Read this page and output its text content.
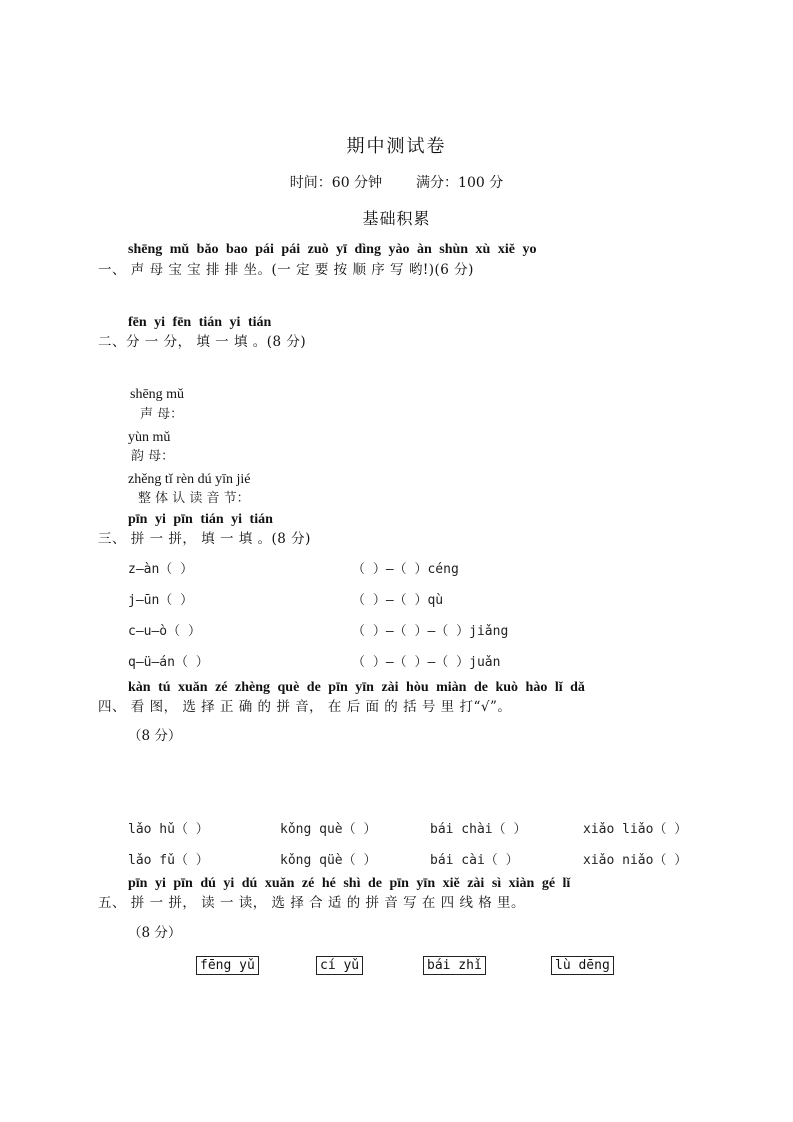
期中测试卷
时间：60 分钟 满分：100 分
基础积累
shēng mǔ bǎo bao pái pái zuò yī dìng yào àn shùn xù xiě yo
一、 声 母 宝 宝 排 排 坐。(一 定 要 按 顺 序 写 哟!)(6 分)
fēn yi fēn tián yi tián
二、分 一 分， 填 一 填 。(8 分)
shēng mǔ
声 母：
yùn mǔ
韵 母：
zhěng tǐ rèn dú yīn jié
整 体 认 读 音 节：
pīn yi pīn tián yi tián
三、 拼 一 拼， 填 一 填 。(8 分)
z—àn（ ）	（ ）—（ ）céng
j—ūn（ ）	（ ）—（ ）qù
c—u—ò（ ）	（ ）—（ ）—（ ）jiǎng
q—ü—án（ ）	（ ）—（ ）—（ ）juǎn
kàn tú xuǎn zé zhèng què de pīn yīn zài hòu miàn de kuò hào lǐ dǎ
四、 看 图， 选 择 正 确 的 拼 音， 在 后 面 的 括 号 里 打“√”。
（8 分）
lǎo hǔ（ ）	kǒng què（ ）	bái chài（ ）	xiǎo liǎo（ ）
lǎo fǔ（ ）	kǒng qüè（ ）	bái cài（ ）	xiǎo niǎo（ ）
pīn yi pīn dú yi dú xuǎn zé hé shì de pīn yīn xiě zài sì xiàn gé lǐ
五、 拼 一 拼， 读 一 读， 选 择 合 适 的 拼 音 写 在 四 线 格 里。
（8 分）
fēng yǔ	cí yǔ	bái zhǐ	lù dēng
